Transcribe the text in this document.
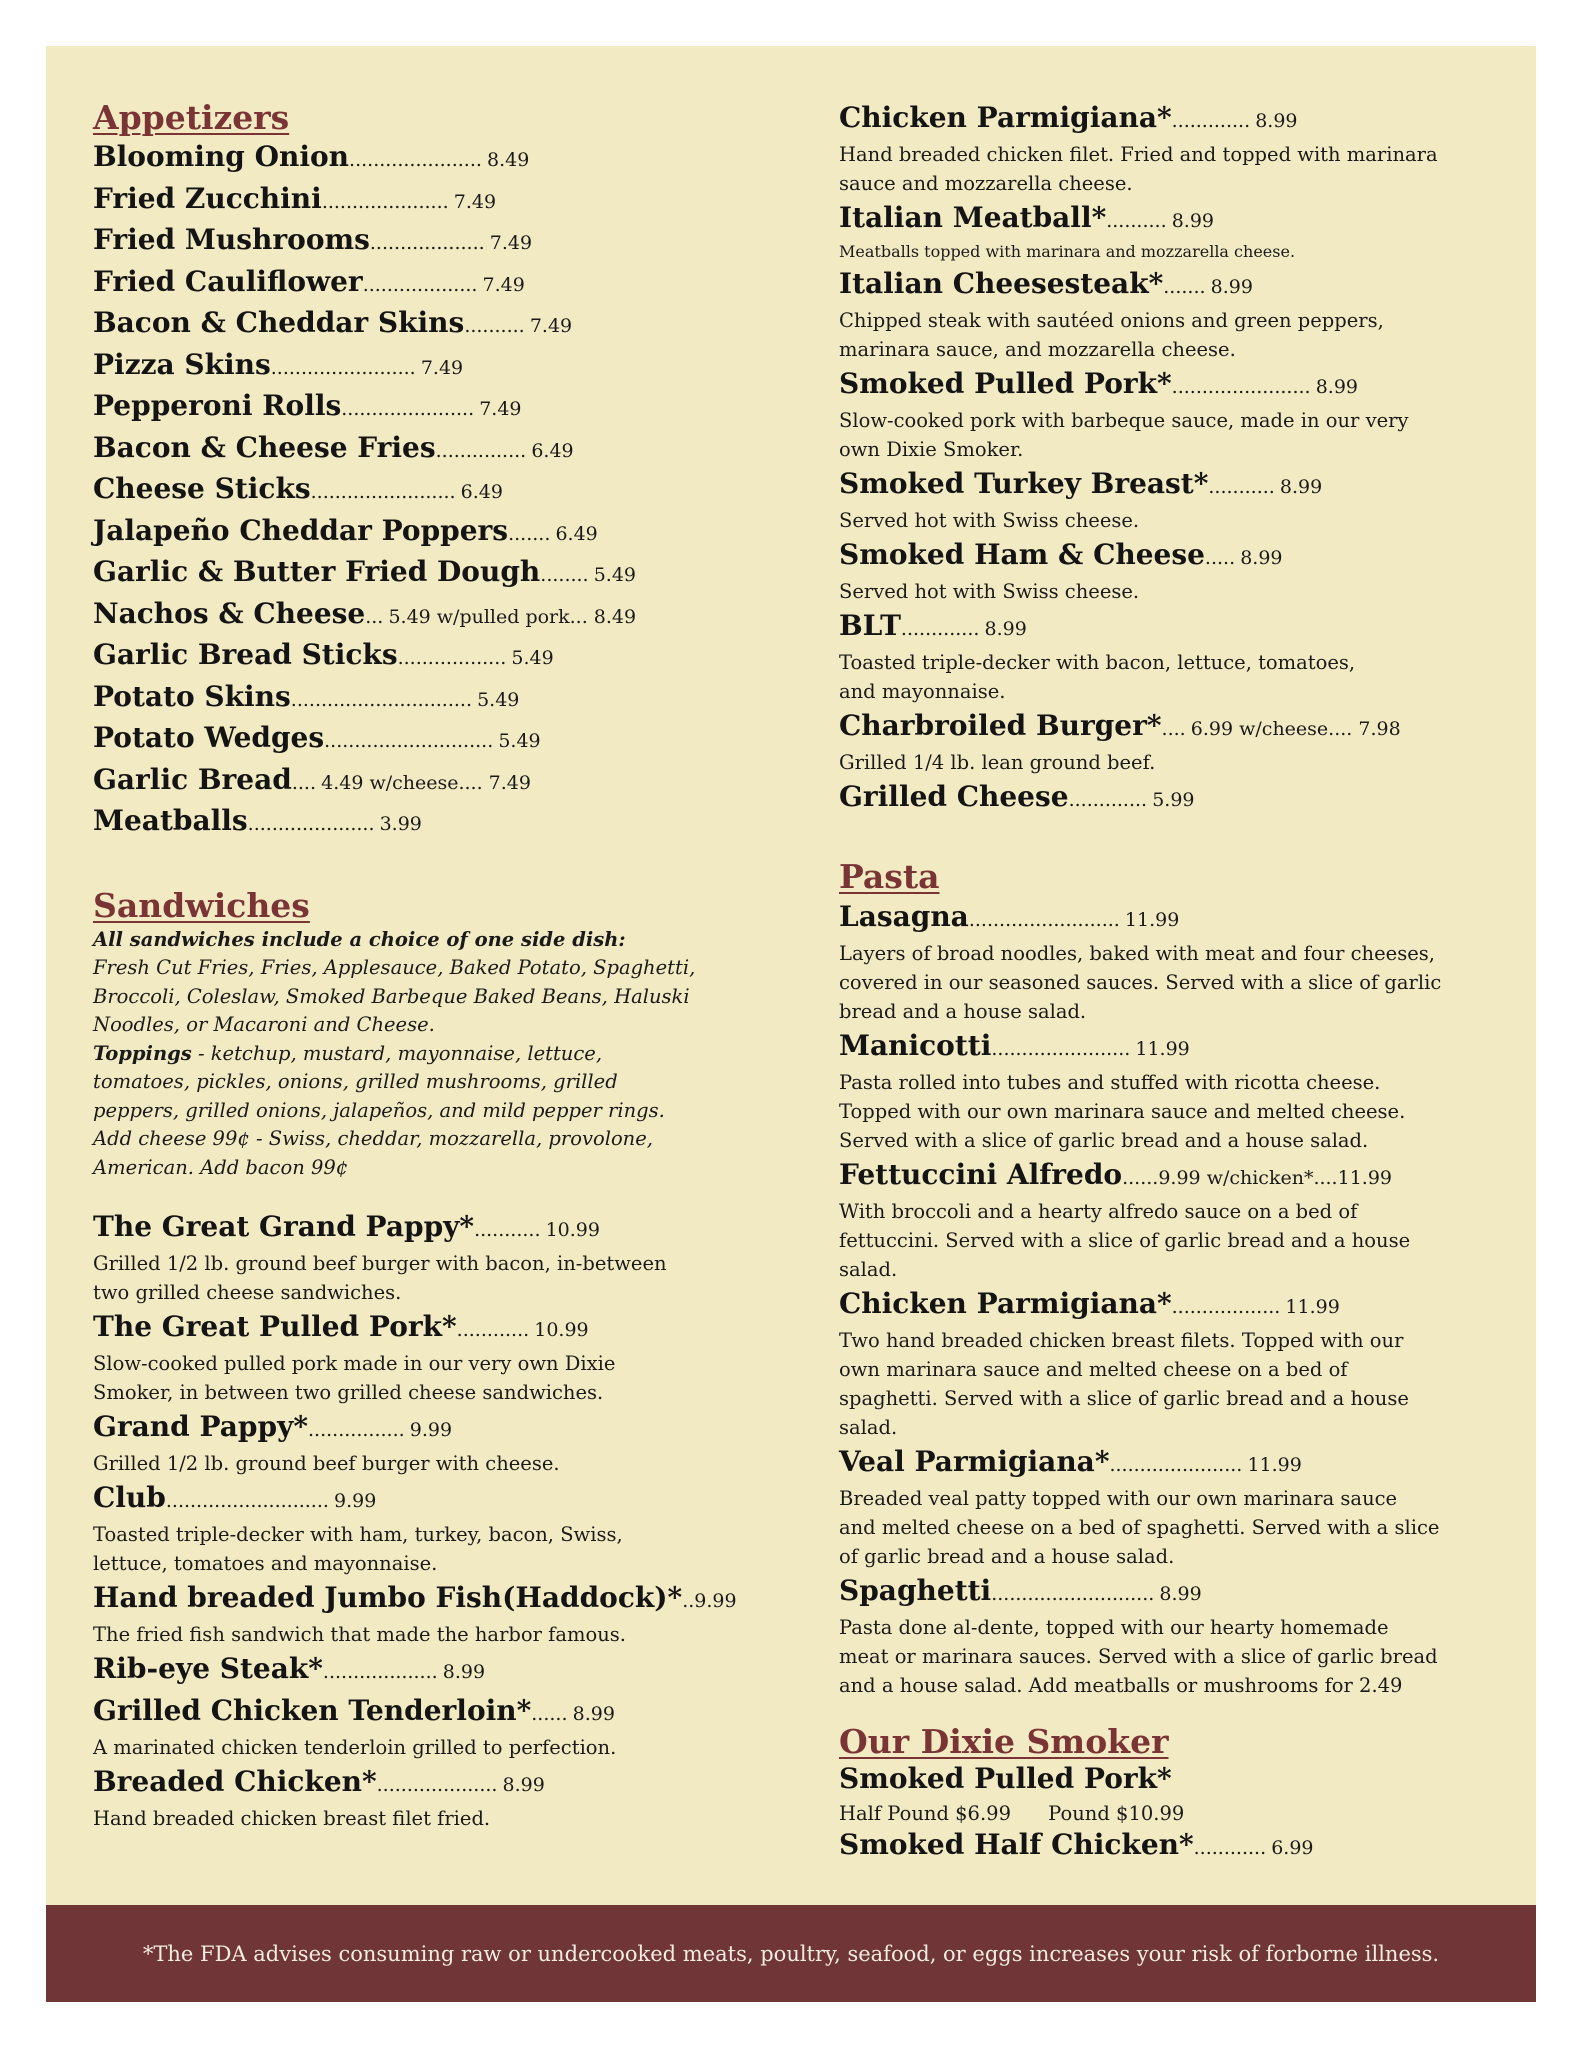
Appetizers
Blooming Onion...................... 8.49
Fried Zucchini..................... 7.49
Fried Mushrooms................... 7.49
Fried Cauliflower................... 7.49
Bacon & Cheddar Skins.......... 7.49
Pizza Skins........................ 7.49
Pepperoni Rolls...................... 7.49
Bacon & Cheese Fries............... 6.49
Cheese Sticks........................ 6.49
Jalapeño Cheddar Poppers....... 6.49
Garlic & Butter Fried Dough........ 5.49
Nachos & Cheese... 5.49 w/pulled pork... 8.49
Garlic Bread Sticks.................. 5.49
Potato Skins.............................. 5.49
Potato Wedges............................ 5.49
Garlic Bread.... 4.49 w/cheese.... 7.49
Meatballs..................... 3.99
Sandwiches
All sandwiches include a choice of one side dish:
Fresh Cut Fries, Fries, Applesauce, Baked Potato, Spaghetti,
Broccoli, Coleslaw, Smoked Barbeque Baked Beans, Haluski
Noodles, or Macaroni and Cheese.
Toppings - ketchup, mustard, mayonnaise, lettuce,
tomatoes, pickles, onions, grilled mushrooms, grilled
peppers, grilled onions, jalapeños, and mild pepper rings.
Add cheese 99¢ - Swiss, cheddar, mozzarella, provolone,
American. Add bacon 99¢
The Great Grand Pappy*........... 10.99
Grilled 1/2 lb. ground beef burger with bacon, in-between
two grilled cheese sandwiches.
The Great Pulled Pork*............ 10.99
Slow-cooked pulled pork made in our very own Dixie
Smoker, in between two grilled cheese sandwiches.
Grand Pappy*................ 9.99
Grilled 1/2 lb. ground beef burger with cheese.
Club........................... 9.99
Toasted triple-decker with ham, turkey, bacon, Swiss,
lettuce, tomatoes and mayonnaise.
Hand breaded Jumbo Fish(Haddock)*..9.99
The fried fish sandwich that made the harbor famous.
Rib-eye Steak*................... 8.99
Grilled Chicken Tenderloin*...... 8.99
A marinated chicken tenderloin grilled to perfection.
Breaded Chicken*.................... 8.99
Hand breaded chicken breast filet fried.
Chicken Parmigiana*............. 8.99
Hand breaded chicken filet. Fried and topped with marinara
sauce and mozzarella cheese.
Italian Meatball*.......... 8.99
Meatballs topped with marinara and mozzarella cheese.
Italian Cheesesteak*....... 8.99
Chipped steak with sautéed onions and green peppers,
marinara sauce, and mozzarella cheese.
Smoked Pulled Pork*....................... 8.99
Slow-cooked pork with barbeque sauce, made in our very
own Dixie Smoker.
Smoked Turkey Breast*........... 8.99
Served hot with Swiss cheese.
Smoked Ham & Cheese..... 8.99
Served hot with Swiss cheese.
BLT............. 8.99
Toasted triple-decker with bacon, lettuce, tomatoes,
and mayonnaise.
Charbroiled Burger*.... 6.99 w/cheese.... 7.98
Grilled 1/4 lb. lean ground beef.
Grilled Cheese............. 5.99
Pasta
Lasagna......................... 11.99
Layers of broad noodles, baked with meat and four cheeses,
covered in our seasoned sauces. Served with a slice of garlic
bread and a house salad.
Manicotti....................... 11.99
Pasta rolled into tubes and stuffed with ricotta cheese.
Topped with our own marinara sauce and melted cheese.
Served with a slice of garlic bread and a house salad.
Fettuccini Alfredo......9.99 w/chicken*....11.99
With broccoli and a hearty alfredo sauce on a bed of
fettuccini. Served with a slice of garlic bread and a house
salad.
Chicken Parmigiana*.................. 11.99
Two hand breaded chicken breast filets. Topped with our
own marinara sauce and melted cheese on a bed of
spaghetti. Served with a slice of garlic bread and a house
salad.
Veal Parmigiana*...................... 11.99
Breaded veal patty topped with our own marinara sauce
and melted cheese on a bed of spaghetti. Served with a slice
of garlic bread and a house salad.
Spaghetti........................... 8.99
Pasta done al-dente, topped with our hearty homemade
meat or marinara sauces. Served with a slice of garlic bread
and a house salad. Add meatballs or mushrooms for 2.49
Our Dixie Smoker
Smoked Pulled Pork*
Half Pound $6.99      Pound $10.99
Smoked Half Chicken*............ 6.99
*The FDA advises consuming raw or undercooked meats, poultry, seafood, or eggs increases your risk of forborne illness.
